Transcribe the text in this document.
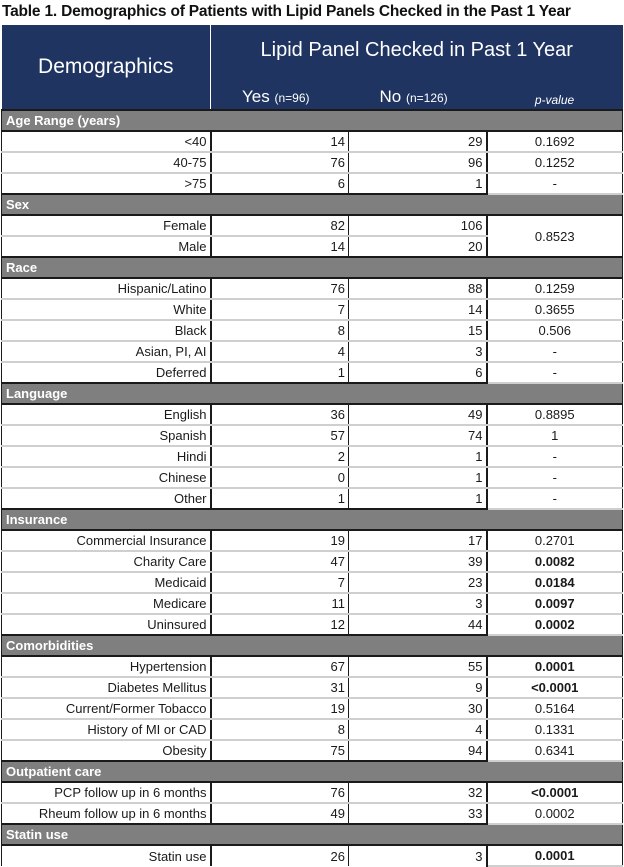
Table 1. Demographics of Patients with Lipid Panels Checked in the Past 1 Year
Demographics	Lipid Panel Checked in Past 1 Year		
	Yes (n=96)	No (n=126)	p-value
Age Range (years)			
<40	14	29	0.1692
40-75	76	96	0.1252
>75	6	1	-
Sex			
Female	82	106	0.8523
Male	14	20	
Race			
Hispanic/Latino	76	88	0.1259
White	7	14	0.3655
Black	8	15	0.506
Asian, PI, AI	4	3	-
Deferred	1	6	-
Language			
English	36	49	0.8895
Spanish	57	74	1
Hindi	2	1	-
Chinese	0	1	-
Other	1	1	-
Insurance			
Commercial Insurance	19	17	0.2701
Charity Care	47	39	0.0082
Medicaid	7	23	0.0184
Medicare	11	3	0.0097
Uninsured	12	44	0.0002
Comorbidities			
Hypertension	67	55	0.0001
Diabetes Mellitus	31	9	<0.0001
Current/Former Tobacco	19	30	0.5164
History of MI or CAD	8	4	0.1331
Obesity	75	94	0.6341
Outpatient care			
PCP follow up in 6 months	76	32	<0.0001
Rheum follow up in 6 months	49	33	0.0002
Statin use			
Statin use	26	3	0.0001
